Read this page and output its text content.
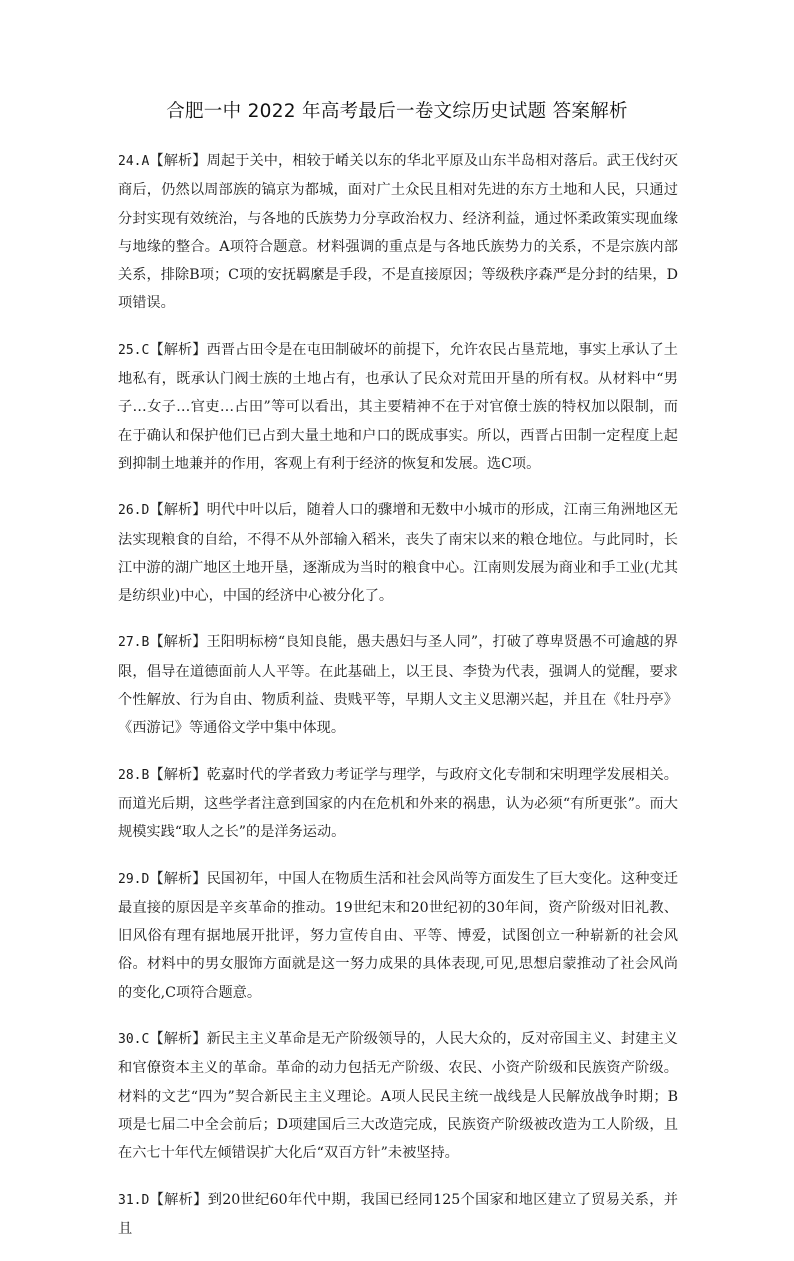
合肥一中 2022 年高考最后一卷文综历史试题 答案解析

24.A【解析】周起于关中，相较于崤关以东的华北平原及山东半岛相对落后。武王伐纣灭商后，仍然以周部族的镐京为都城，面对广土众民且相对先进的东方土地和人民，只通过分封实现有效统治，与各地的氏族势力分享政治权力、经济利益，通过怀柔政策实现血缘与地缘的整合。A项符合题意。材料强调的重点是与各地氏族势力的关系，不是宗族内部关系，排除B项；C项的安抚羁縻是手段，不是直接原因；等级秩序森严是分封的结果，D项错误。

25.C【解析】西晋占田令是在屯田制破坏的前提下，允许农民占垦荒地，事实上承认了土地私有，既承认门阀士族的土地占有，也承认了民众对荒田开垦的所有权。从材料中“男子…女子…官吏…占田”等可以看出，其主要精神不在于对官僚士族的特权加以限制，而在于确认和保护他们已占到大量土地和户口的既成事实。所以，西晋占田制一定程度上起到抑制土地兼并的作用，客观上有利于经济的恢复和发展。选C项。

26.D【解析】明代中叶以后，随着人口的骤增和无数中小城市的形成，江南三角洲地区无法实现粮食的自给，不得不从外部输入稻米，丧失了南宋以来的粮仓地位。与此同时，长江中游的湖广地区土地开垦，逐渐成为当时的粮食中心。江南则发展为商业和手工业(尤其是纺织业)中心，中国的经济中心被分化了。

27.B【解析】王阳明标榜“良知良能，愚夫愚妇与圣人同”，打破了尊卑贤愚不可逾越的界限，倡导在道德面前人人平等。在此基础上，以王艮、李贽为代表，强调人的觉醒，要求个性解放、行为自由、物质利益、贵贱平等，早期人文主义思潮兴起，并且在《牡丹亭》《西游记》等通俗文学中集中体现。

28.B【解析】乾嘉时代的学者致力考证学与理学，与政府文化专制和宋明理学发展相关。而道光后期，这些学者注意到国家的内在危机和外来的祸患，认为必须“有所更张”。而大规模实践“取人之长”的是洋务运动。

29.D【解析】民国初年，中国人在物质生活和社会风尚等方面发生了巨大变化。这种变迁最直接的原因是辛亥革命的推动。19世纪末和20世纪初的30年间，资产阶级对旧礼教、旧风俗有理有据地展开批评，努力宣传自由、平等、博爱，试图创立一种崭新的社会风俗。材料中的男女服饰方面就是这一努力成果的具体表现,可见,思想启蒙推动了社会风尚的变化,C项符合题意。

30.C【解析】新民主主义革命是无产阶级领导的，人民大众的，反对帝国主义、封建主义和官僚资本主义的革命。革命的动力包括无产阶级、农民、小资产阶级和民族资产阶级。材料的文艺“四为”契合新民主主义理论。A项人民民主统一战线是人民解放战争时期；B项是七届二中全会前后；D项建国后三大改造完成，民族资产阶级被改造为工人阶级，且在六七十年代左倾错误扩大化后“双百方针”未被坚持。

31.D【解析】到20世纪60年代中期，我国已经同125个国家和地区建立了贸易关系，并且
